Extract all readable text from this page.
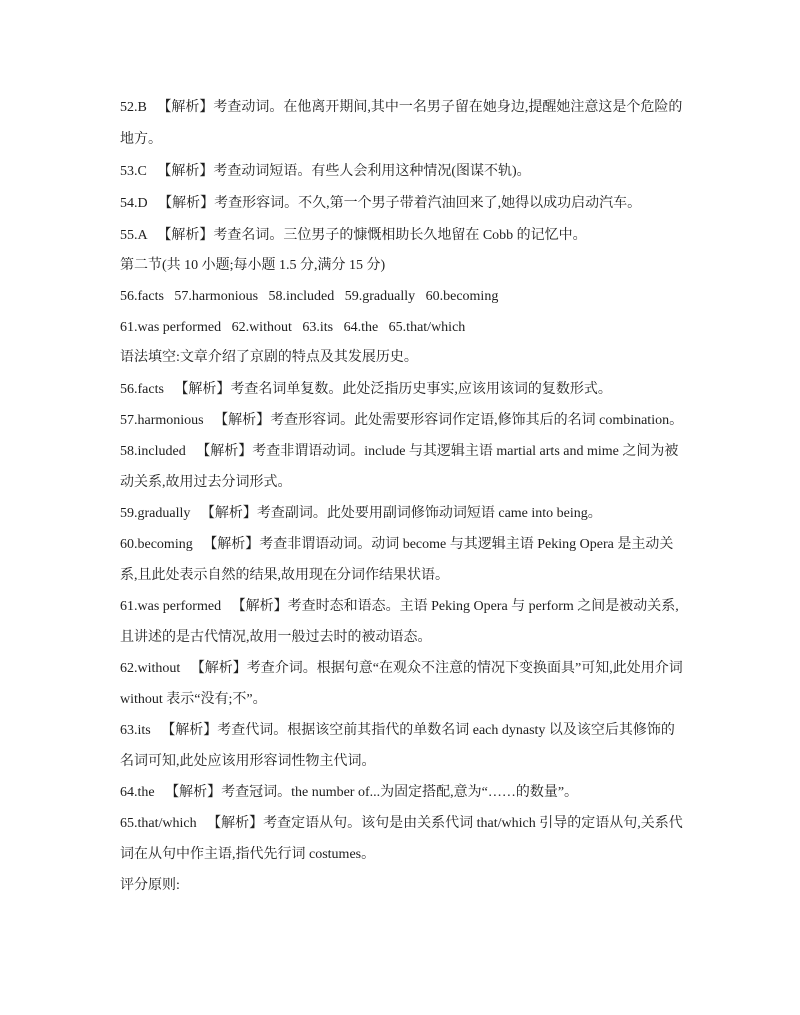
52.B   【解析】考查动词。在他离开期间,其中一名男子留在她身边,提醒她注意这是个危险的
地方。
53.C   【解析】考查动词短语。有些人会利用这种情况(图谋不轨)。
54.D   【解析】考查形容词。不久,第一个男子带着汽油回来了,她得以成功启动汽车。
55.A   【解析】考查名词。三位男子的慷慨相助长久地留在 Cobb 的记忆中。
第二节(共 10 小题;每小题 1.5 分,满分 15 分)
56.facts   57.harmonious   58.included   59.gradually   60.becoming
61.was performed   62.without   63.its   64.the   65.that/which
语法填空:文章介绍了京剧的特点及其发展历史。
56.facts   【解析】考查名词单复数。此处泛指历史事实,应该用该词的复数形式。
57.harmonious   【解析】考查形容词。此处需要形容词作定语,修饰其后的名词 combination。
58.included   【解析】考查非谓语动词。include 与其逻辑主语 martial arts and mime 之间为被
动关系,故用过去分词形式。
59.gradually   【解析】考查副词。此处要用副词修饰动词短语 came into being。
60.becoming   【解析】考查非谓语动词。动词 become 与其逻辑主语 Peking Opera 是主动关
系,且此处表示自然的结果,故用现在分词作结果状语。
61.was performed   【解析】考查时态和语态。主语 Peking Opera 与 perform 之间是被动关系,
且讲述的是古代情况,故用一般过去时的被动语态。
62.without   【解析】考查介词。根据句意“在观众不注意的情况下变换面具”可知,此处用介词
without 表示“没有;不”。
63.its   【解析】考查代词。根据该空前其指代的单数名词 each dynasty 以及该空后其修饰的
名词可知,此处应该用形容词性物主代词。
64.the   【解析】考查冠词。the number of...为固定搭配,意为“……的数量”。
65.that/which   【解析】考查定语从句。该句是由关系代词 that/which 引导的定语从句,关系代
词在从句中作主语,指代先行词 costumes。
评分原则:
